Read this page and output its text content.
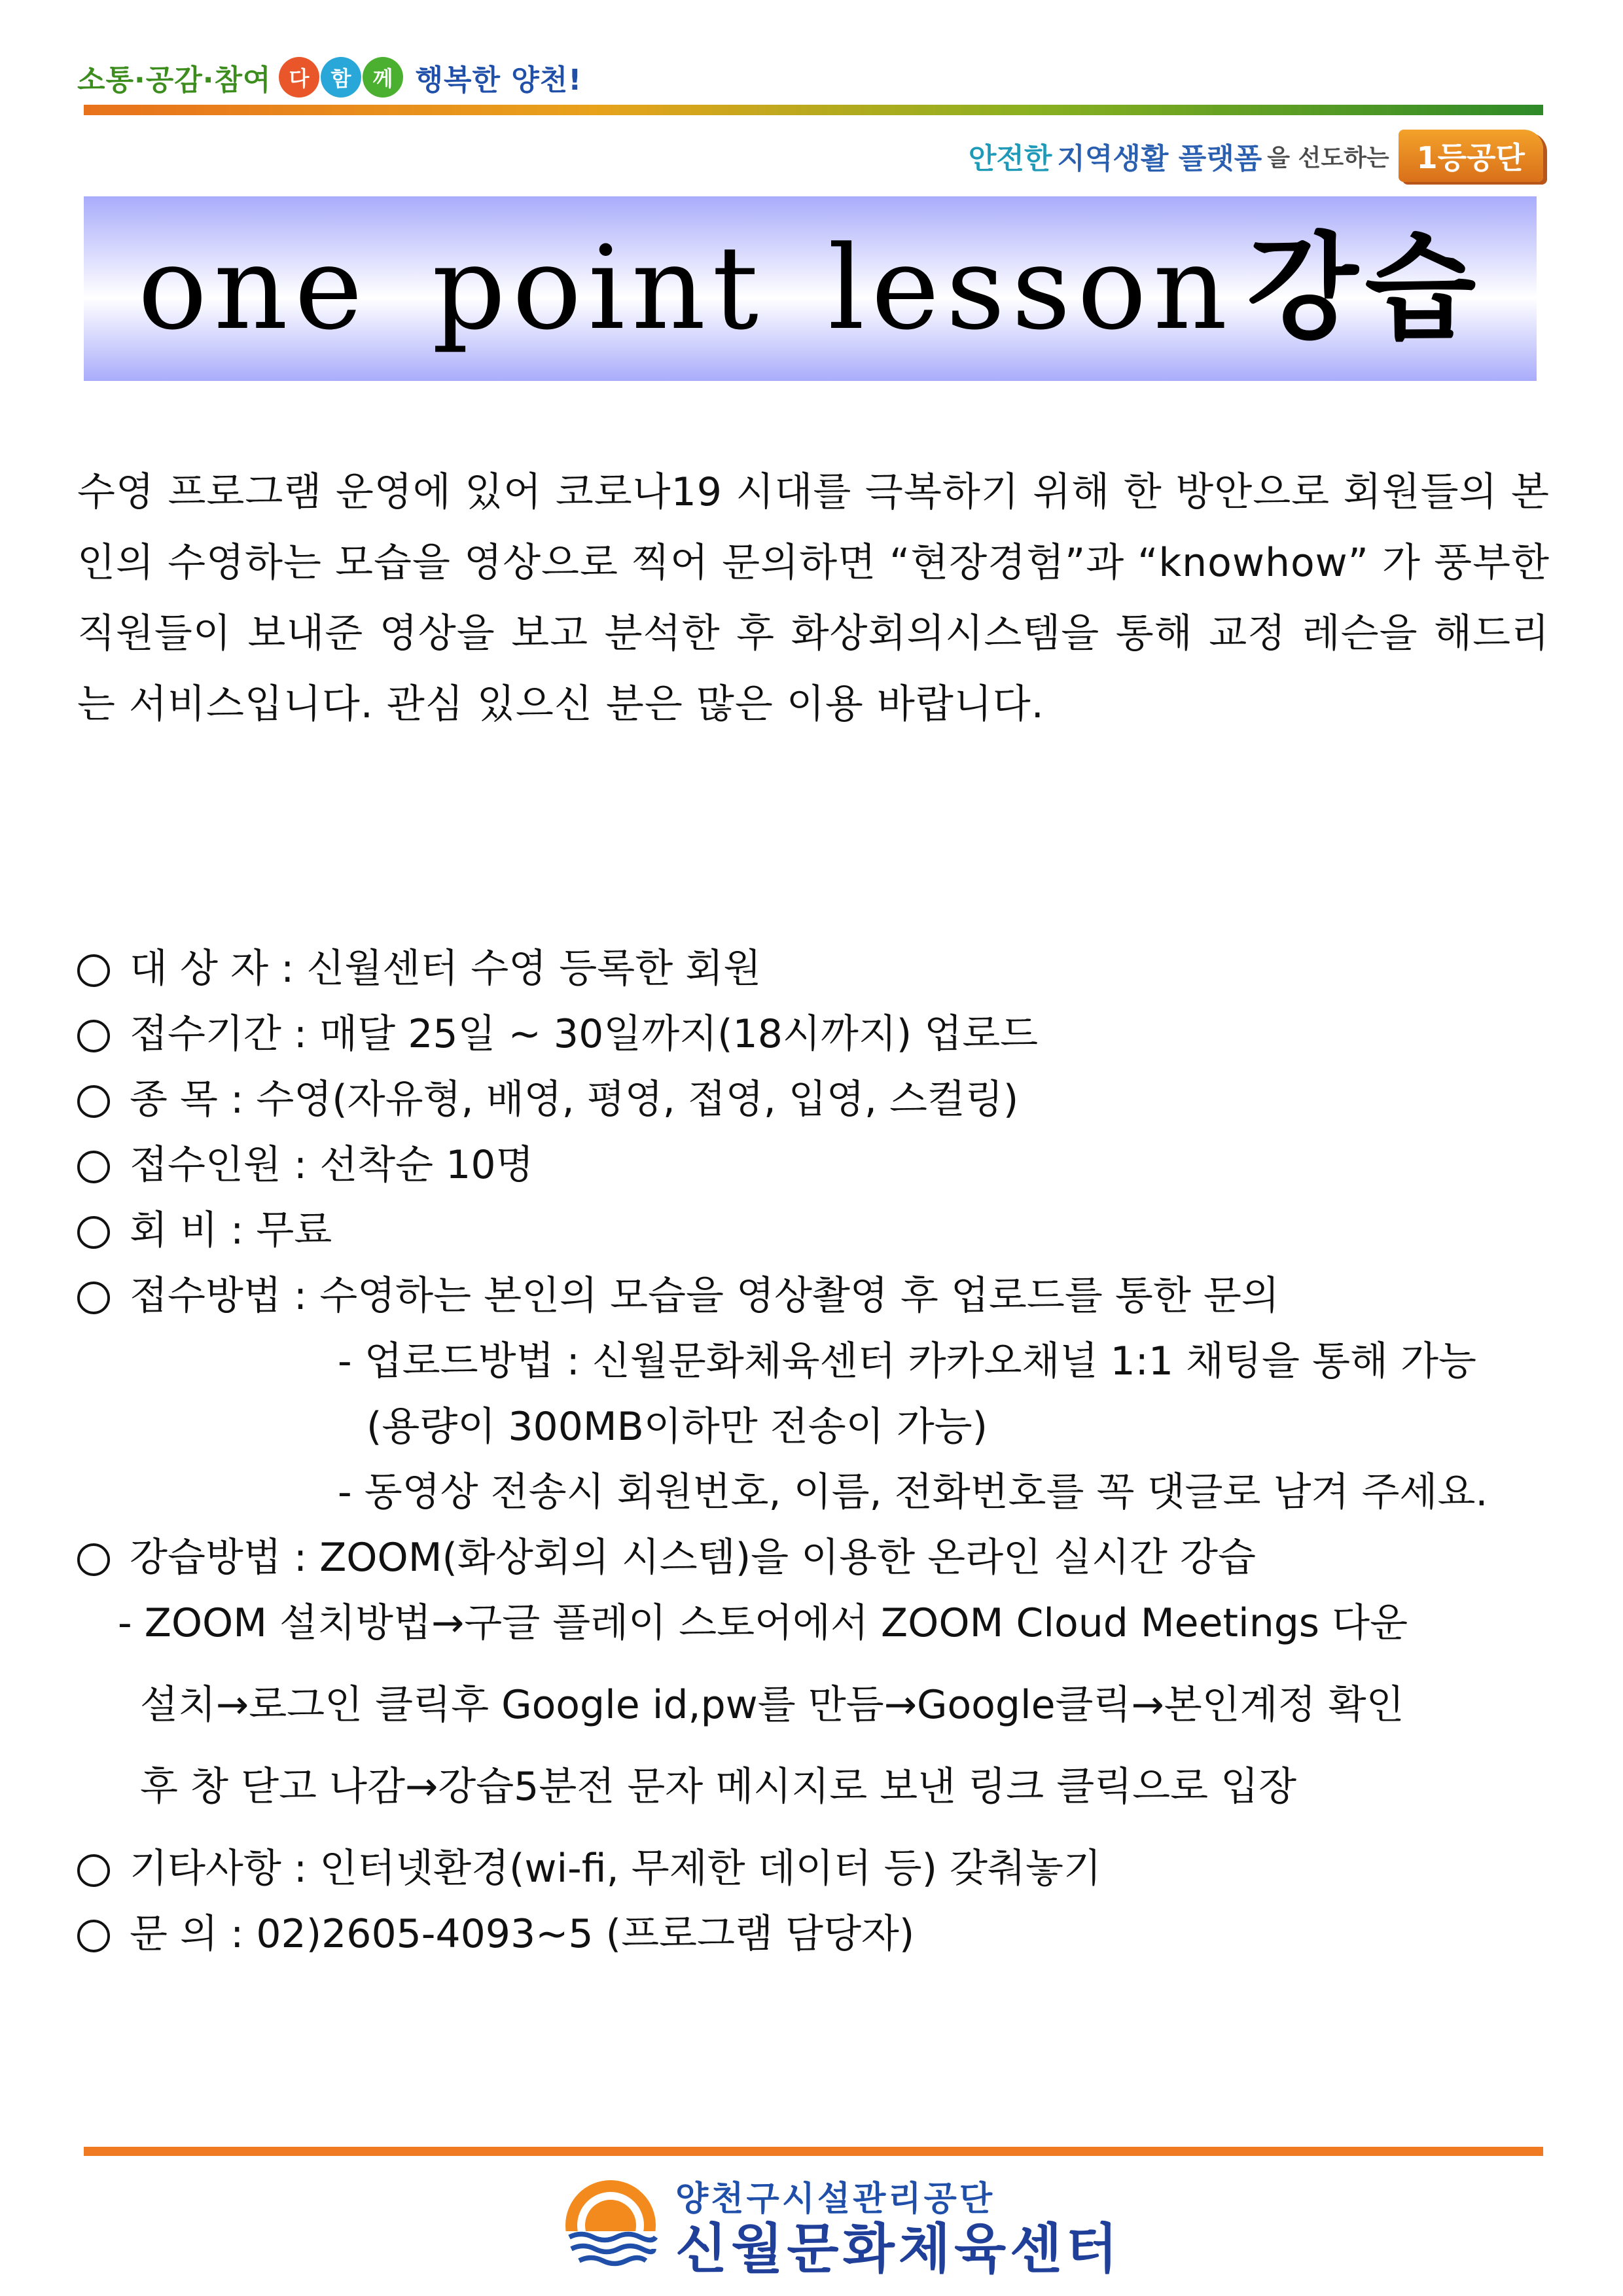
소통·공감·참여 다	함	께 행복한 양천!
안전한 지역생활 플랫폼 을 선도하는 1등공단
one point lesson 강습

수영 프로그램 운영에 있어 코로나19 시대를 극복하기 위해 한 방안으로 회원들의 본인의 수영하는 모습을 영상으로 찍어 문의하면 “현장경험”과 “knowhow” 가 풍부한 직원들이 보내준 영상을 보고 분석한 후 화상회의시스템을 통해 교정 레슨을 해드리는 서비스입니다. 관심 있으신 분은 많은 이용 바랍니다.

대 상 자 : 신월센터 수영 등록한 회원
접수기간 : 매달 25일 ~ 30일까지(18시까지) 업로드
종 목 : 수영(자유형, 배영, 평영, 접영, 입영, 스컬링)
접수인원 : 선착순 10명
회 비 : 무료
접수방법 : 수영하는 본인의 모습을 영상촬영 후 업로드를 통한 문의
- 업로드방법 : 신월문화체육센터 카카오채널 1:1 채팅을 통해 가능
(용량이 300MB이하만 전송이 가능)
- 동영상 전송시 회원번호, 이름, 전화번호를 꼭 댓글로 남겨 주세요.
강습방법 : ZOOM(화상회의 시스템)을 이용한 온라인 실시간 강습
- ZOOM 설치방법→구글 플레이 스토어에서 ZOOM Cloud Meetings 다운
설치→로그인 클릭후 Google id,pw를 만듬→Google클릭→본인계정 확인
후 창 닫고 나감→강습5분전 문자 메시지로 보낸 링크 클릭으로 입장
기타사항 : 인터넷환경(wi-fi, 무제한 데이터 등) 갖춰놓기
문 의 : 02)2605-4093~5 (프로그램 담당자)
양천구시설관리공단
신월문화체육센터
